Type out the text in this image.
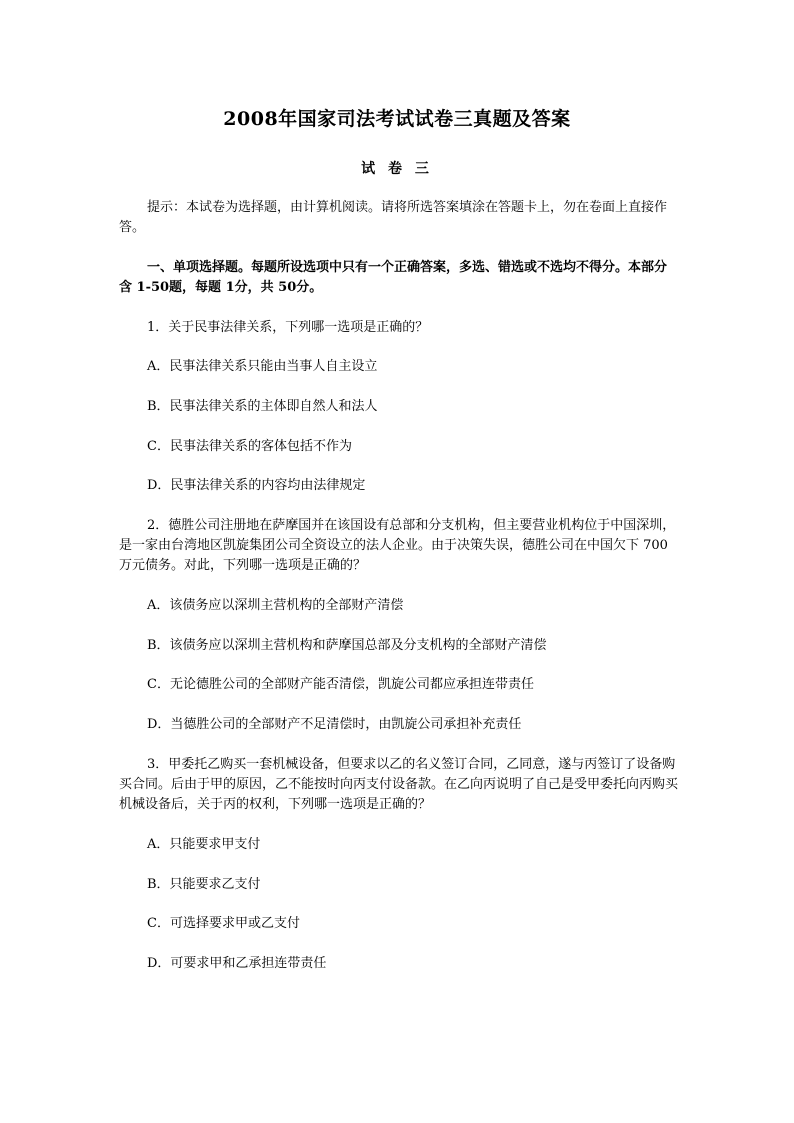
2008年国家司法考试试卷三真题及答案
试 卷 三
提示：本试卷为选择题，由计算机阅读。请将所选答案填涂在答题卡上，勿在卷面上直接作答。
一、单项选择题。每题所设选项中只有一个正确答案，多选、错选或不选均不得分。本部分含 1-50题，每题 1分，共 50分。
1．关于民事法律关系，下列哪一选项是正确的？
A．民事法律关系只能由当事人自主设立
B．民事法律关系的主体即自然人和法人
C．民事法律关系的客体包括不作为
D．民事法律关系的内容均由法律规定
2．德胜公司注册地在萨摩国并在该国设有总部和分支机构，但主要营业机构位于中国深圳，是一家由台湾地区凯旋集团公司全资设立的法人企业。由于决策失误，德胜公司在中国欠下 700 万元债务。对此，下列哪一选项是正确的？
A．该债务应以深圳主营机构的全部财产清偿
B．该债务应以深圳主营机构和萨摩国总部及分支机构的全部财产清偿
C．无论德胜公司的全部财产能否清偿，凯旋公司都应承担连带责任
D．当德胜公司的全部财产不足清偿时，由凯旋公司承担补充责任
3．甲委托乙购买一套机械设备，但要求以乙的名义签订合同，乙同意，遂与丙签订了设备购买合同。后由于甲的原因，乙不能按时向丙支付设备款。在乙向丙说明了自己是受甲委托向丙购买机械设备后，关于丙的权利，下列哪一选项是正确的？
A．只能要求甲支付
B．只能要求乙支付
C．可选择要求甲或乙支付
D．可要求甲和乙承担连带责任
